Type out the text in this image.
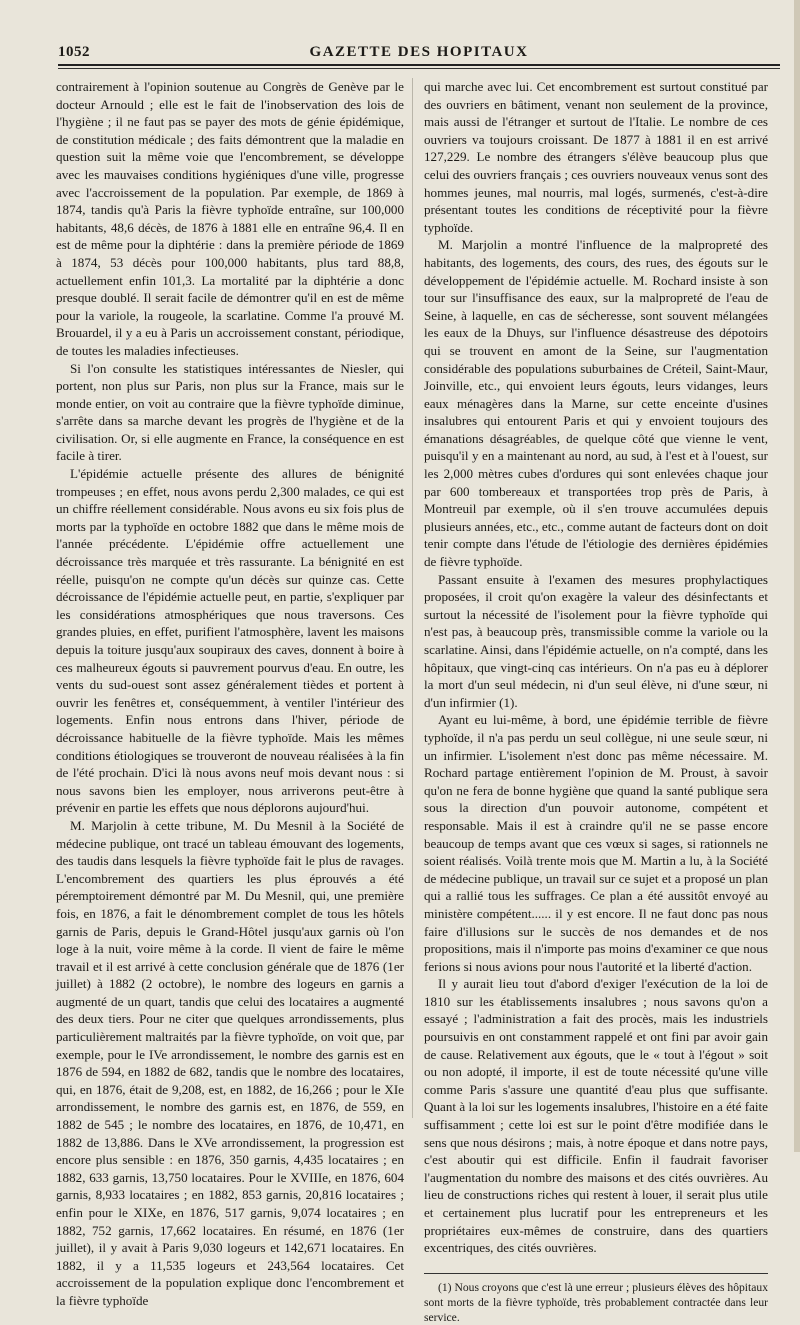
1052	GAZETTE DES HOPITAUX

contrairement à l'opinion soutenue au Congrès de Genève par le docteur Arnould ; elle est le fait de l'inobservation des lois de l'hygiène ; il ne faut pas se payer des mots de génie épidémique, de constitution médicale ; des faits démontrent que la maladie en question suit la même voie que l'encombrement, se développe avec les mauvaises conditions hygiéniques d'une ville, progresse avec l'accroissement de la population. Par exemple, de 1869 à 1874, tandis qu'à Paris la fièvre typhoïde entraîne, sur 100,000 habitants, 48,6 décès, de 1876 à 1881 elle en entraîne 96,4. Il en est de même pour la diphtérie : dans la première période de 1869 à 1874, 53 décès pour 100,000 habitants, plus tard 88,8, actuellement enfin 101,3. La mortalité par la diphtérie a donc presque doublé. Il serait facile de démontrer qu'il en est de même pour la variole, la rougeole, la scarlatine. Comme l'a prouvé M. Brouardel, il y a eu à Paris un accroissement constant, périodique, de toutes les maladies infectieuses.

Si l'on consulte les statistiques intéressantes de Niesler, qui portent, non plus sur Paris, non plus sur la France, mais sur le monde entier, on voit au contraire que la fièvre typhoïde diminue, s'arrête dans sa marche devant les progrès de l'hygiène et de la civilisation. Or, si elle augmente en France, la conséquence en est facile à tirer.

L'épidémie actuelle présente des allures de bénignité trompeuses ; en effet, nous avons perdu 2,300 malades, ce qui est un chiffre réellement considérable. Nous avons eu six fois plus de morts par la typhoïde en octobre 1882 que dans le même mois de l'année précédente. L'épidémie offre actuellement une décroissance très marquée et très rassurante. La bénignité en est réelle, puisqu'on ne compte qu'un décès sur quinze cas. Cette décroissance de l'épidémie actuelle peut, en partie, s'expliquer par les considérations atmosphériques que nous traversons. Ces grandes pluies, en effet, purifient l'atmosphère, lavent les maisons depuis la toiture jusqu'aux soupiraux des caves, donnent à boire à ces malheureux égouts si pauvrement pourvus d'eau. En outre, les vents du sud-ouest sont assez généralement tièdes et portent à ouvrir les fenêtres et, conséquemment, à ventiler l'intérieur des logements. Enfin nous entrons dans l'hiver, période de décroissance habituelle de la fièvre typhoïde. Mais les mêmes conditions étiologiques se trouveront de nouveau réalisées à la fin de l'été prochain. D'ici là nous avons neuf mois devant nous : si nous savons bien les employer, nous arriverons peut-être à prévenir en partie les effets que nous déplorons aujourd'hui.

M. Marjolin à cette tribune, M. Du Mesnil à la Société de médecine publique, ont tracé un tableau émouvant des logements, des taudis dans lesquels la fièvre typhoïde fait le plus de ravages. L'encombrement des quartiers les plus éprouvés a été péremptoirement démontré par M. Du Mesnil, qui, une première fois, en 1876, a fait le dénombrement complet de tous les hôtels garnis de Paris, depuis le Grand-Hôtel jusqu'aux garnis où l'on loge à la nuit, voire même à la corde. Il vient de faire le même travail et il est arrivé à cette conclusion générale que de 1876 (1er juillet) à 1882 (2 octobre), le nombre des logeurs en garnis a augmenté de un quart, tandis que celui des locataires a augmenté des deux tiers. Pour ne citer que quelques arrondissements, plus particulièrement maltraités par la fièvre typhoïde, on voit que, par exemple, pour le IVe arrondissement, le nombre des garnis est en 1876 de 594, en 1882 de 682, tandis que le nombre des locataires, qui, en 1876, était de 9,208, est, en 1882, de 16,266 ; pour le XIe arrondissement, le nombre des garnis est, en 1876, de 559, en 1882 de 545 ; le nombre des locataires, en 1876, de 10,471, en 1882 de 13,886. Dans le XVe arrondissement, la progression est encore plus sensible : en 1876, 350 garnis, 4,435 locataires ; en 1882, 633 garnis, 13,750 locataires. Pour le XVIIIe, en 1876, 604 garnis, 8,933 locataires ; en 1882, 853 garnis, 20,816 locataires ; enfin pour le XIXe, en 1876, 517 garnis, 9,074 locataires ; en 1882, 752 garnis, 17,662 locataires. En résumé, en 1876 (1er juillet), il y avait à Paris 9,030 logeurs et 142,671 locataires. En 1882, il y a 11,535 logeurs et 243,564 locataires. Cet accroissement de la population explique donc l'encombrement et la fièvre typhoïde

qui marche avec lui. Cet encombrement est surtout constitué par des ouvriers en bâtiment, venant non seulement de la province, mais aussi de l'étranger et surtout de l'Italie. Le nombre de ces ouvriers va toujours croissant. De 1877 à 1881 il en est arrivé 127,229. Le nombre des étrangers s'élève beaucoup plus que celui des ouvriers français ; ces ouvriers nouveaux venus sont des hommes jeunes, mal nourris, mal logés, surmenés, c'est-à-dire présentant toutes les conditions de réceptivité pour la fièvre typhoïde.

M. Marjolin a montré l'influence de la malpropreté des habitants, des logements, des cours, des rues, des égouts sur le développement de l'épidémie actuelle. M. Rochard insiste à son tour sur l'insuffisance des eaux, sur la malpropreté de l'eau de Seine, à laquelle, en cas de sécheresse, sont souvent mélangées les eaux de la Dhuys, sur l'influence désastreuse des dépotoirs qui se trouvent en amont de la Seine, sur l'augmentation considérable des populations suburbaines de Créteil, Saint-Maur, Joinville, etc., qui envoient leurs égouts, leurs vidanges, leurs eaux ménagères dans la Marne, sur cette enceinte d'usines insalubres qui entourent Paris et qui y envoient toujours des émanations désagréables, de quelque côté que vienne le vent, puisqu'il y en a maintenant au nord, au sud, à l'est et à l'ouest, sur les 2,000 mètres cubes d'ordures qui sont enlevées chaque jour par 600 tombereaux et transportées trop près de Paris, à Montreuil par exemple, où il s'en trouve accumulées depuis plusieurs années, etc., etc., comme autant de facteurs dont on doit tenir compte dans l'étude de l'étiologie des dernières épidémies de fièvre typhoïde.

Passant ensuite à l'examen des mesures prophylactiques proposées, il croit qu'on exagère la valeur des désinfectants et surtout la nécessité de l'isolement pour la fièvre typhoïde qui n'est pas, à beaucoup près, transmissible comme la variole ou la scarlatine. Ainsi, dans l'épidémie actuelle, on n'a compté, dans les hôpitaux, que vingt-cinq cas intérieurs. On n'a pas eu à déplorer la mort d'un seul médecin, ni d'un seul élève, ni d'une sœur, ni d'un infirmier (1).

Ayant eu lui-même, à bord, une épidémie terrible de fièvre typhoïde, il n'a pas perdu un seul collègue, ni une seule sœur, ni un infirmier. L'isolement n'est donc pas même nécessaire. M. Rochard partage entièrement l'opinion de M. Proust, à savoir qu'on ne fera de bonne hygiène que quand la santé publique sera sous la direction d'un pouvoir autonome, compétent et responsable. Mais il est à craindre qu'il ne se passe encore beaucoup de temps avant que ces vœux si sages, si rationnels ne soient réalisés. Voilà trente mois que M. Martin a lu, à la Société de médecine publique, un travail sur ce sujet et a proposé un plan qui a rallié tous les suffrages. Ce plan a été aussitôt envoyé au ministère compétent...... il y est encore. Il ne faut donc pas nous faire d'illusions sur le succès de nos demandes et de nos propositions, mais il n'importe pas moins d'examiner ce que nous ferions si nous avions pour nous l'autorité et la liberté d'action.

Il y aurait lieu tout d'abord d'exiger l'exécution de la loi de 1810 sur les établissements insalubres ; nous savons qu'on a essayé ; l'administration a fait des procès, mais les industriels poursuivis en ont constamment rappelé et ont fini par avoir gain de cause. Relativement aux égouts, que le « tout à l'égout » soit ou non adopté, il importe, il est de toute nécessité qu'une ville comme Paris s'assure une quantité d'eau plus que suffisante. Quant à la loi sur les logements insalubres, l'histoire en a été faite suffisamment ; cette loi est sur le point d'être modifiée dans le sens que nous désirons ; mais, à notre époque et dans notre pays, c'est aboutir qui est difficile. Enfin il faudrait favoriser l'augmentation du nombre des maisons et des cités ouvrières. Au lieu de constructions riches qui restent à louer, il serait plus utile et certainement plus lucratif pour les entrepreneurs et les propriétaires eux-mêmes de construire, dans des quartiers excentriques, des cités ouvrières.

(1) Nous croyons que c'est là une erreur ; plusieurs élèves des hôpitaux sont morts de la fièvre typhoïde, très probablement contractée dans leur service.
